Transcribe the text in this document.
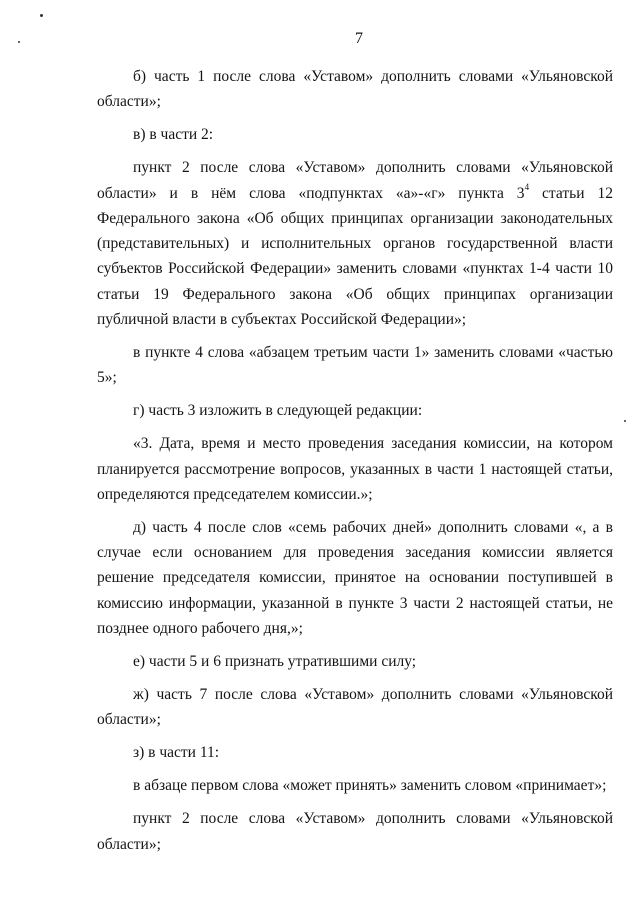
7

б) часть 1 после слова «Уставом» дополнить словами «Ульяновской области»;

в) в части 2:

пункт 2 после слова «Уставом» дополнить словами «Ульяновской области» и в нём слова «подпунктах «а»-«г» пункта $3^4$ статьи 12 Федерального закона «Об общих принципах организации законодательных (представительных) и исполнительных органов государственной власти субъектов Российской Федерации» заменить словами «пунктах 1-4 части 10 статьи 19 Федерального закона «Об общих принципах организации публичной власти в субъектах Российской Федерации»;

в пункте 4 слова «абзацем третьим части 1» заменить словами «частью 5»;

г) часть 3 изложить в следующей редакции:

«3. Дата, время и место проведения заседания комиссии, на котором планируется рассмотрение вопросов, указанных в части 1 настоящей статьи, определяются председателем комиссии.»;

д) часть 4 после слов «семь рабочих дней» дополнить словами «, а в случае если основанием для проведения заседания комиссии является решение председателя комиссии, принятое на основании поступившей в комиссию информации, указанной в пункте 3 части 2 настоящей статьи, не позднее одного рабочего дня,»;

е) части 5 и 6 признать утратившими силу;

ж) часть 7 после слова «Уставом» дополнить словами «Ульяновской области»;

з) в части 11:

в абзаце первом слова «может принять» заменить словом «принимает»;

пункт 2 после слова «Уставом» дополнить словами «Ульяновской области»;
